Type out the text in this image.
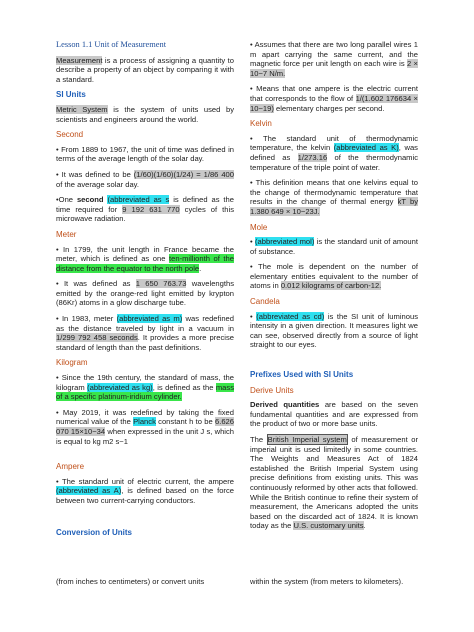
Lesson 1.1 Unit of Measurement

Measurement is a process of assigning a quantity to describe a property of an object by comparing it with a standard.

SI Units

Metric System is the system of units used by scientists and engineers around the world.

Second

• From 1889 to 1967, the unit of time was defined in terms of the average length of the solar day.

• It was defined to be (1/60)(1/60)(1/24) = 1/86 400 of the average solar day.

•One second (abbreviated as s is defined as the time required for 9 192 631 770 cycles of this microwave radiation.

Meter

• In 1799, the unit length in France became the meter, which is defined as one ten-millionth of the distance from the equator to the north pole.

• It was defined as 1 650 763.73 wavelengths emitted by the orange-red light emitted by krypton (86Kr) atoms in a glow discharge tube.

• In 1983, meter (abbreviated as m) was redefined as the distance traveled by light in a vacuum in 1/299 792 458 seconds. It provides a more precise standard of length than the past definitions.

Kilogram

• Since the 19th century, the standard of mass, the kilogram (abbreviated as kg), is defined as the mass of a specific platinum-iridium cylinder.

• May 2019, it was redefined by taking the fixed numerical value of the Planck constant h to be 6.626 070 15×10−34 when expressed in the unit J s, which is equal to kg m2 s−1

Ampere

• The standard unit of electric current, the ampere (abbreviated as A), is defined based on the force between two current-carrying conductors.

Conversion of Units
(from inches to centimeters) or convert units

• Assumes that there are two long parallel wires 1 m apart carrying the same current, and the magnetic force per unit length on each wire is 2 × 10−7 N/m.

• Means that one ampere is the electric current that corresponds to the flow of 1/(1.602 176634 × 10−19) elementary charges per second.

Kelvin

• The standard unit of thermodynamic temperature, the kelvin (abbreviated as K), was defined as 1/273.16 of the thermodynamic temperature of the triple point of water.

• This definition means that one kelvins equal to the change of thermodynamic temperature that results in the change of thermal energy kT by 1.380 649 × 10−23J.

Mole

• (abbreviated mol) is the standard unit of amount of substance.

• The mole is dependent on the number of elementary entities equivalent to the number of atoms in 0.012 kilograms of carbon-12.

Candela

• (abbreviated as cd) is the SI unit of luminous intensity in a given direction. It measures light we can see, observed directly from a source of light straight to our eyes.

Prefixes Used with SI Units
Derive Units

Derived quantities are based on the seven fundamental quantities and are expressed from the product of two or more base units.

The British Imperial system of measurement or imperial unit is used limitedly in some countries. The Weights and Measures Act of 1824 established the British Imperial System using precise definitions from existing units. This was continuously reformed by other acts that followed. While the British continue to refine their system of measurement, the Americans adopted the units based on the discarded act of 1824. It is known today as the U.S. customary units.

within the system (from meters to kilometers).
